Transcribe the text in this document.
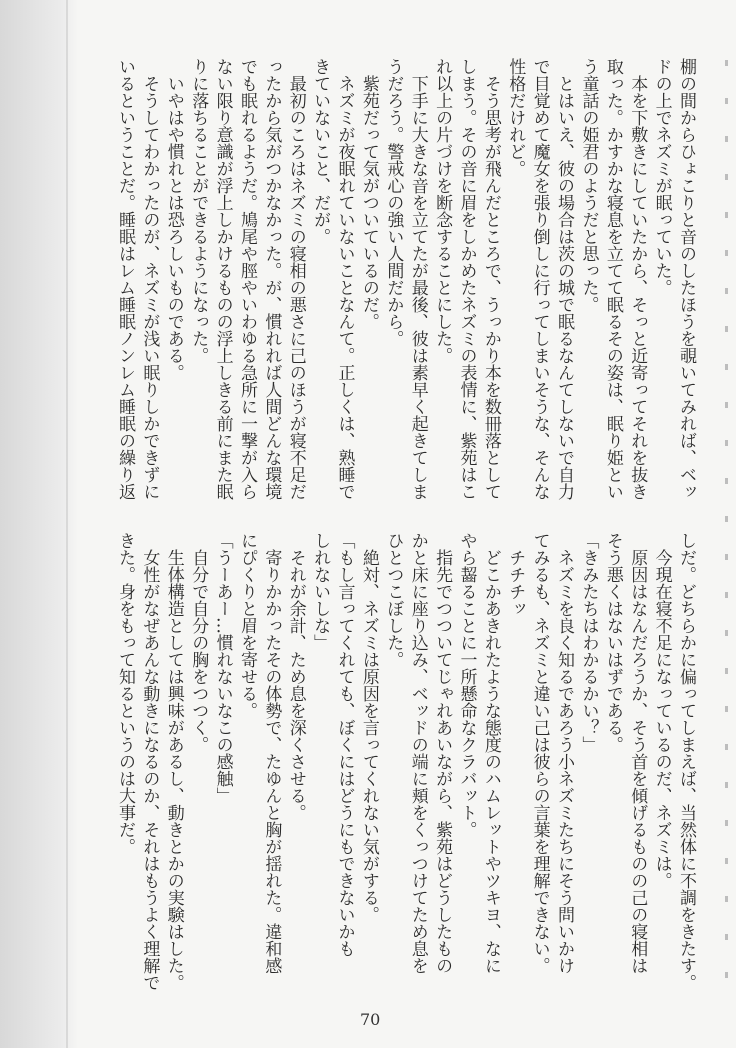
棚の間からひょこりと音のしたほうを覗いてみれば、ベッ
ドの上でネズミが眠っていた。
　本を下敷きにしていたから、そっと近寄ってそれを抜き
取った。かすかな寝息を立てて眠るその姿は、眠り姫とい
う童話の姫君のようだと思った。
　とはいえ、彼の場合は茨の城で眠るなんてしないで自力
で目覚めて魔女を張り倒しに行ってしまいそうな、そんな
性格だけれど。
　そう思考が飛んだところで、うっかり本を数冊落として
しまう。その音に眉をしかめたネズミの表情に、紫苑はこ
れ以上の片づけを断念することにした。
　下手に大きな音を立てたが最後、彼は素早く起きてしま
うだろう。警戒心の強い人間だから。
　紫苑だって気がついているのだ。
　ネズミが夜眠れていないことなんて。正しくは、熟睡で
きていないこと、だが。
　最初のころはネズミの寝相の悪さに己のほうが寝不足だ
ったから気がつかなかった。が、慣れれば人間どんな環境
でも眠れるようだ。鳩尾や脛やいわゆる急所に一撃が入ら
ない限り意識が浮上しかけるものの浮上しきる前にまた眠
りに落ちることができるようになった。
　いやはや慣れとは恐ろしいものである。
　そうしてわかったのが、ネズミが浅い眠りしかできずに
いるということだ。睡眠はレム睡眠ノンレム睡眠の繰り返
しだ。どちらかに偏ってしまえば、当然体に不調をきたす。
　今現在寝不足になっているのだ、ネズミは。
　原因はなんだろうか、そう首を傾げるものの己の寝相は
そう悪くはないはずである。
「きみたちはわかるかい？」
　ネズミを良く知るであろう小ネズミたちにそう問いかけ
てみるも、ネズミと違い己は彼らの言葉を理解できない。
　チチチッ
　どこかあきれたような態度のハムレットやツキヨ、なに
やら齧ることに一所懸命なクラバット。
　指先でつついてじゃれあいながら、紫苑はどうしたもの
かと床に座り込み、ベッドの端に頬をくっつけてため息を
ひとつこぼした。
　絶対、ネズミは原因を言ってくれない気がする。
「もし言ってくれても、ぼくにはどうにもできないかも
しれないしな」
　それが余計、ため息を深くさせる。
　寄りかかったその体勢で、たゆんと胸が揺れた。違和感
にぴくりと眉を寄せる。
「うーあー…慣れないなこの感触」
　自分で自分の胸をつつく。
　生体構造としては興味があるし、動きとかの実験はした。
　女性がなぜあんな動きになるのか、それはもうよく理解で
きた。身をもって知るというのは大事だ。
70
